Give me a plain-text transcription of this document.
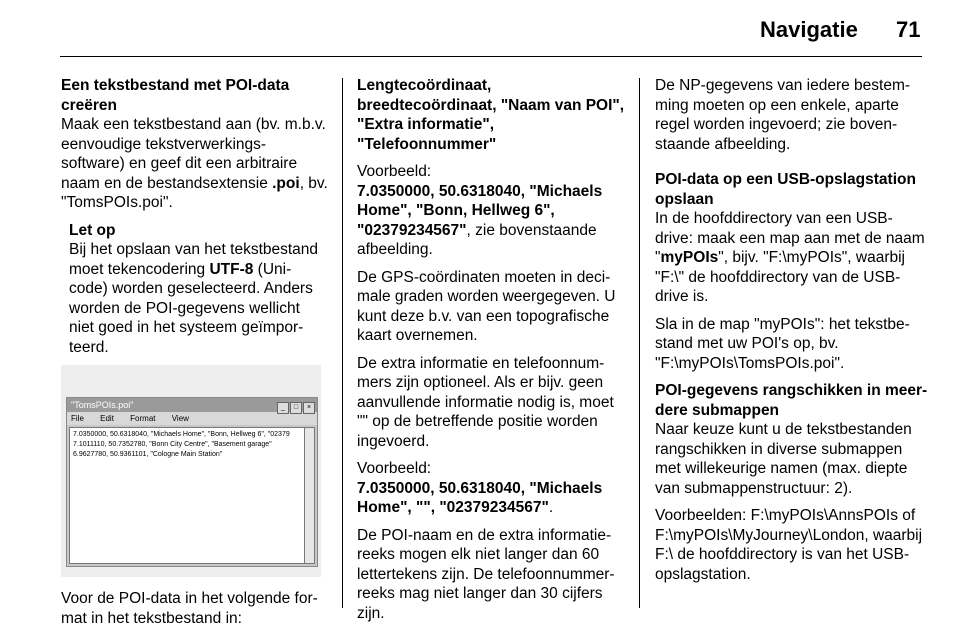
Navigatie 71

Een tekstbestand met POI-data creëren

Maak een tekstbestand aan (bv. m.b.v. eenvoudige tekstverwerkings-software) en geef dit een arbitraire naam en de bestandsextensie .poi, bv. "TomsPOIs.poi".

Let op

Bij het opslaan van het tekstbestand moet tekencodering UTF-8 (Uni-code) worden geselecteerd. Anders worden de POI-gegevens wellicht niet goed in het systeem geïmpor-teerd.

"TomsPOIs.poi"	_ □ ×
File Edit Format View
7.0350000, 50.6318040, "Michaels Home", "Bonn, Hellweg 6", "02379
7.1011110, 50.7352780, "Bonn City Centre", "Basement garage"
6.9627780, 50.9361101, "Cologne Main Station"

Voor de POI-data in het volgende for-mat in het tekstbestand in:

Lengtecoördinaat, breedtecoördinaat, "Naam van POI", "Extra informatie", "Telefoonnummer"

Voorbeeld:
7.0350000, 50.6318040, "Michaels Home", "Bonn, Hellweg 6", "02379234567", zie bovenstaande afbeelding.

De GPS-coördinaten moeten in deci-male graden worden weergegeven. U kunt deze b.v. van een topografische kaart overnemen.

De extra informatie en telefoonnum-mers zijn optioneel. Als er bijv. geen aanvullende informatie nodig is, moet "" op de betreffende positie worden ingevoerd.

Voorbeeld:
7.0350000, 50.6318040, "Michaels Home", "", "02379234567".

De POI-naam en de extra informatie-reeks mogen elk niet langer dan 60 lettertekens zijn. De telefoonnummer-reeks mag niet langer dan 30 cijfers zijn.

De NP-gegevens van iedere bestem-ming moeten op een enkele, aparte regel worden ingevoerd; zie boven-staande afbeelding.

POI-data op een USB-opslagstation opslaan

In de hoofddirectory van een USB-drive: maak een map aan met de naam "myPOIs", bijv. "F:\myPOIs", waarbij "F:\" de hoofddirectory van de USB-drive is.

Sla in de map "myPOIs": het tekstbe-stand met uw POI's op, bv. "F:\myPOIs\TomsPOIs.poi".

POI-gegevens rangschikken in meer-dere submappen

Naar keuze kunt u de tekstbestanden rangschikken in diverse submappen met willekeurige namen (max. diepte van submappenstructuur: 2).

Voorbeelden: F:\myPOIs\AnnsPOIs of F:\myPOIs\MyJourney\London, waarbij F:\ de hoofddirectory is van het USB-opslagstation.
